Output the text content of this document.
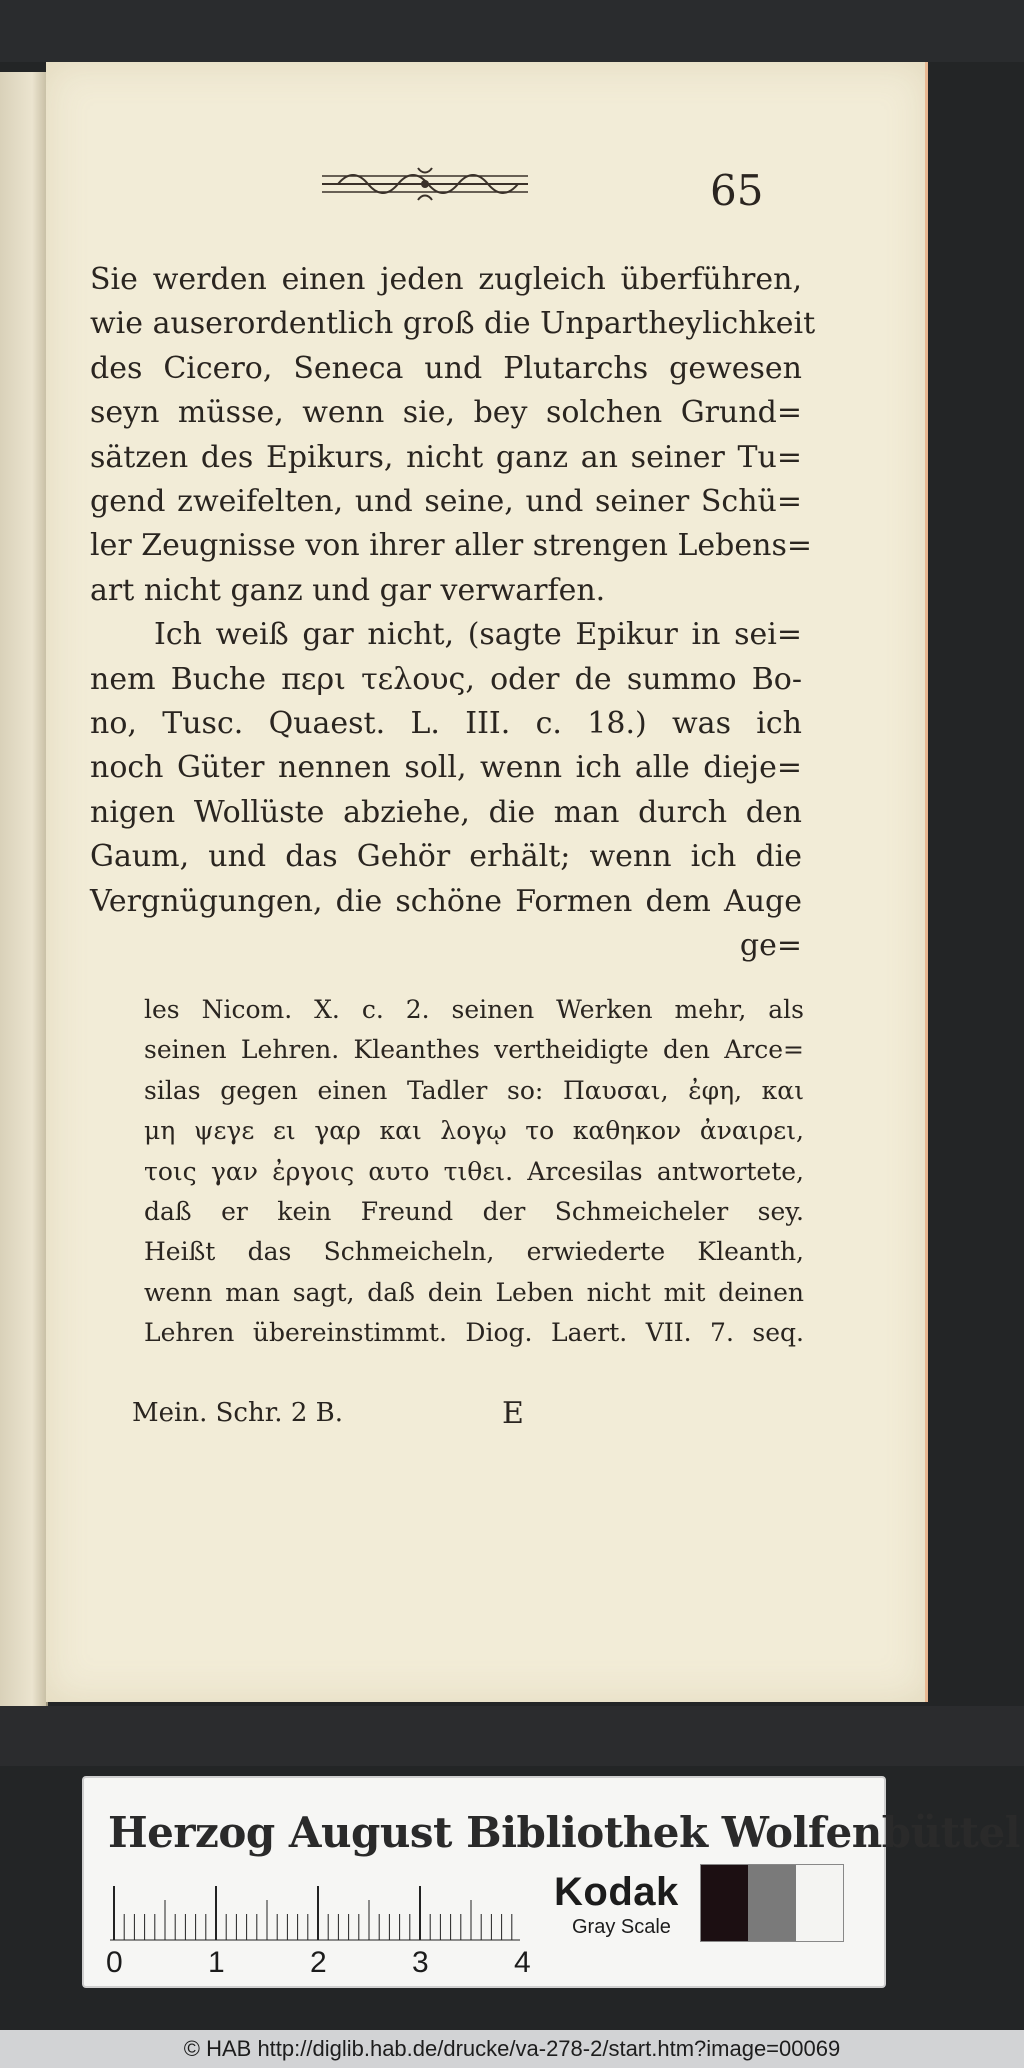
65
Sie werden einen jeden zugleich überführen,
wie auserordentlich groß die Unpartheylichkeit
des Cicero, Seneca und Plutarchs gewesen
seyn müsse, wenn sie, bey solchen Grund=
sätzen des Epikurs, nicht ganz an seiner Tu=
gend zweifelten, und seine, und seiner Schü=
ler Zeugnisse von ihrer aller strengen Lebens=
art nicht ganz und gar verwarfen.
Ich weiß gar nicht, (sagte Epikur in sei=
nem Buche περι τελους, oder de summo Bo-
no, Tusc. Quaest. L. III. c. 18.) was ich
noch Güter nennen soll, wenn ich alle dieje=
nigen Wollüste abziehe, die man durch den
Gaum, und das Gehör erhält; wenn ich die
Vergnügungen, die schöne Formen dem Auge
ge=
les Nicom. X. c. 2. seinen Werken mehr, als
seinen Lehren. Kleanthes vertheidigte den Arce=
silas gegen einen Tadler so: Παυσαι, ἐφη, και
μη ψεγε ει γαρ και λογῳ το καθηκον ἀναιρει,
τοις γαν ἐργοις αυτο τιθει. Arcesilas antwortete,
daß er kein Freund der Schmeicheler sey.
Heißt das Schmeicheln, erwiederte Kleanth,
wenn man sagt, daß dein Leben nicht mit deinen
Lehren übereinstimmt. Diog. Laert. VII. 7. seq.
Mein. Schr. 2 B.	E
Herzog August Bibliothek Wolfenbüttel
0	1	2	3	4
Kodak
Gray Scale
© HAB http://diglib.hab.de/drucke/va-278-2/start.htm?image=00069
